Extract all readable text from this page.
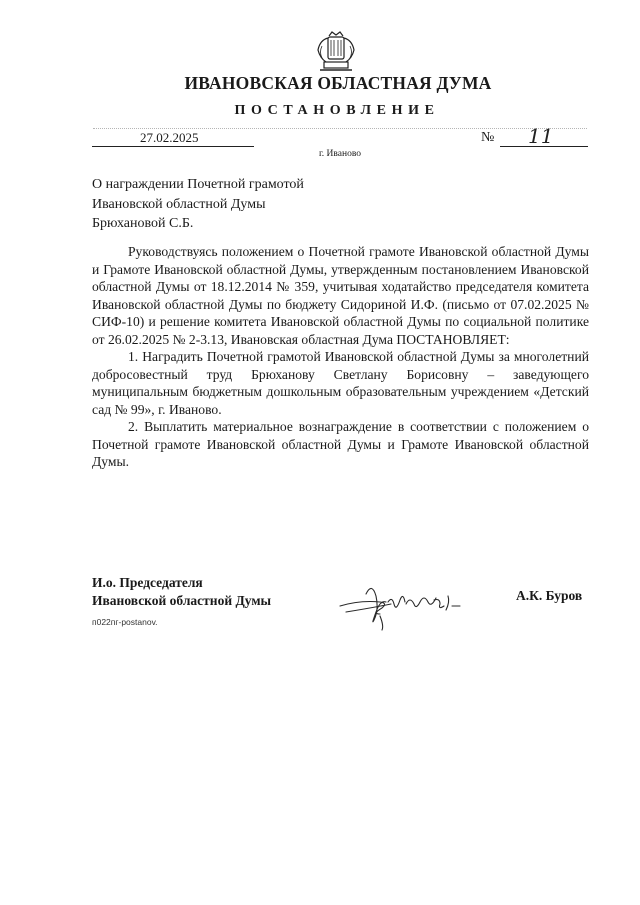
ИВАНОВСКАЯ ОБЛАСТНАЯ ДУМА
ПОСТАНОВЛЕНИЕ
27.02.2025	№ 11
г. Иваново
О награждении Почетной грамотой
Ивановской областной Думы
Брюхановой С.Б.

Руководствуясь положением о Почетной грамоте Ивановской областной Думы и Грамоте Ивановской областной Думы, утвержденным постановлением Ивановской областной Думы от 18.12.2014 № 359, учитывая ходатайство председателя комитета Ивановской областной Думы по бюджету Сидориной И.Ф. (письмо от 07.02.2025 № СИФ-10) и решение комитета Ивановской областной Думы по социальной политике от 26.02.2025 № 2-3.13, Ивановская областная Дума ПОСТАНОВЛЯЕТ:

1. Наградить Почетной грамотой Ивановской областной Думы за многолетний добросовестный труд Брюханову Светлану Борисовну – заведующего муниципальным бюджетным дошкольным образовательным учреждением «Детский сад № 99», г. Иваново.

2. Выплатить материальное вознаграждение в соответствии с положением о Почетной грамоте Ивановской областной Думы и Грамоте Ивановской областной Думы.

И.о. Председателя
Ивановской областной Думы	А.К. Буров
п022пг-postanov.
